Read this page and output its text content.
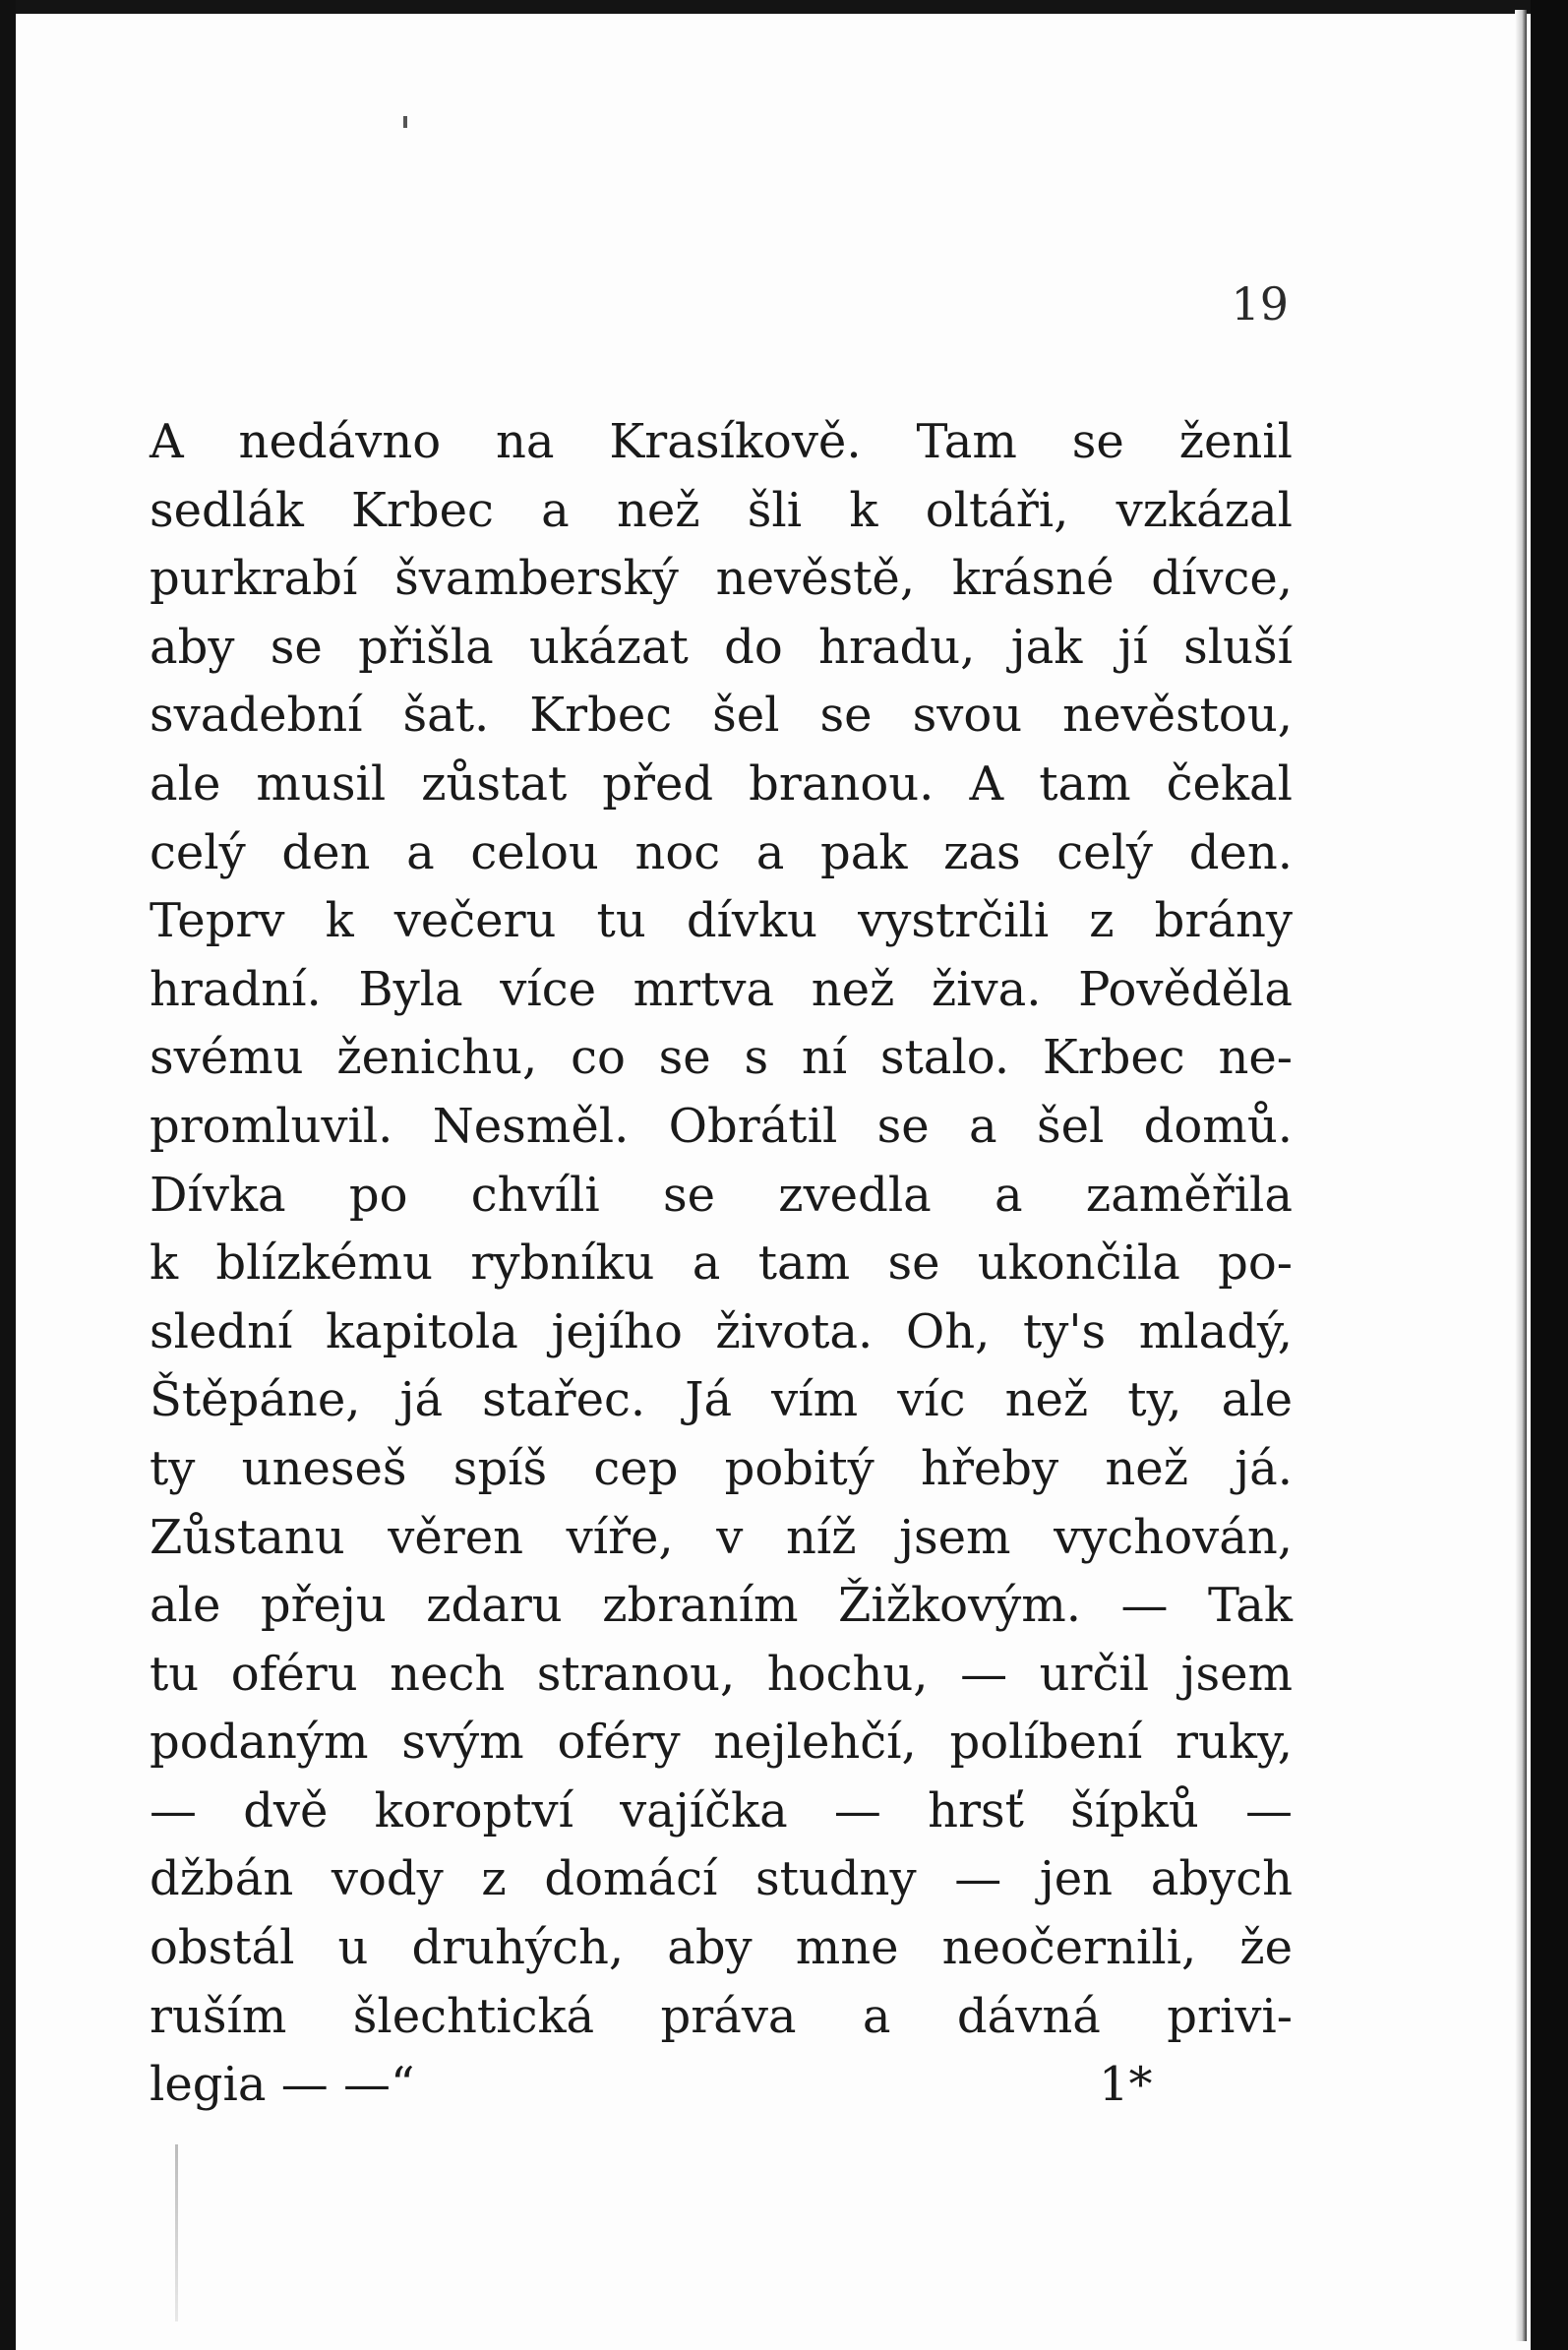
19
A nedávno na Krasíkově. Tam se ženil
sedlák Krbec a než šli k oltáři, vzkázal
purkrabí švamberský nevěstě, krásné dívce,
aby se přišla ukázat do hradu, jak jí sluší
svadební šat. Krbec šel se svou nevěstou,
ale musil zůstat před branou. A tam čekal
celý den a celou noc a pak zas celý den.
Teprv k večeru tu dívku vystrčili z brány
hradní. Byla více mrtva než živa. Pověděla
svému ženichu, co se s ní stalo. Krbec ne-
promluvil. Nesměl. Obrátil se a šel domů.
Dívka po chvíli se zvedla a zaměřila
k blízkému rybníku a tam se ukončila po-
slední kapitola jejího života. Oh, ty's mladý,
Štěpáne, já stařec. Já vím víc než ty, ale
ty uneseš spíš cep pobitý hřeby než já.
Zůstanu věren víře, v níž jsem vychován,
ale přeju zdaru zbraním Žižkovým. — Tak
tu oféru nech stranou, hochu, — určil jsem
podaným svým oféry nejlehčí, políbení ruky,
— dvě koroptví vajíčka — hrsť šípků —
džbán vody z domácí studny — jen abych
obstál u druhých, aby mne neočernili, že
ruším šlechtická práva a dávná privi-
legia — —“	1*
